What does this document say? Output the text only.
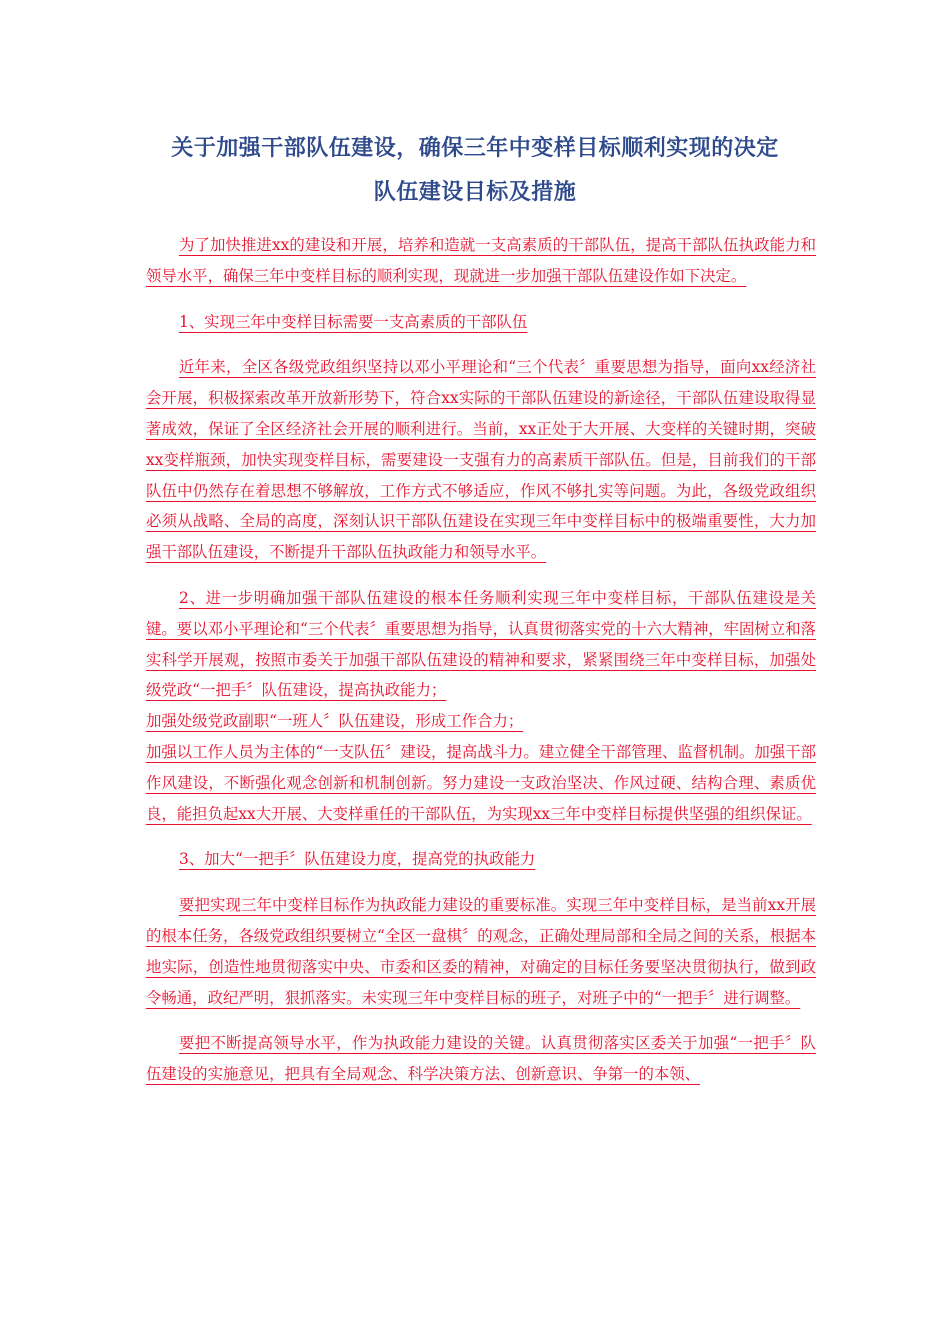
关于加强干部队伍建设，确保三年中变样目标顺利实现的决定
队伍建设目标及措施

为了加快推进xx的建设和开展，培养和造就一支高素质的干部队伍，提高干部队伍执政能力和领导水平，确保三年中变样目标的顺利实现，现就进一步加强干部队伍建设作如下决定。

1、实现三年中变样目标需要一支高素质的干部队伍

近年来，全区各级党政组织坚持以邓小平理论和“三个代表〞重要思想为指导，面向xx经济社会开展，积极探索改革开放新形势下，符合xx实际的干部队伍建设的新途径，干部队伍建设取得显著成效，保证了全区经济社会开展的顺利进行。当前，xx正处于大开展、大变样的关键时期，突破xx变样瓶颈，加快实现变样目标，需要建设一支强有力的高素质干部队伍。但是，目前我们的干部队伍中仍然存在着思想不够解放，工作方式不够适应，作风不够扎实等问题。为此，各级党政组织必须从战略、全局的高度，深刻认识干部队伍建设在实现三年中变样目标中的极端重要性，大力加强干部队伍建设，不断提升干部队伍执政能力和领导水平。

2、进一步明确加强干部队伍建设的根本任务顺利实现三年中变样目标，干部队伍建设是关键。要以邓小平理论和“三个代表〞重要思想为指导，认真贯彻落实党的十六大精神，牢固树立和落实科学开展观，按照市委关于加强干部队伍建设的精神和要求，紧紧围绕三年中变样目标，加强处级党政“一把手〞队伍建设，提高执政能力；

加强处级党政副职“一班人〞队伍建设，形成工作合力；

加强以工作人员为主体的“一支队伍〞建设，提高战斗力。建立健全干部管理、监督机制。加强干部作风建设，不断强化观念创新和机制创新。努力建设一支政治坚决、作风过硬、结构合理、素质优良，能担负起xx大开展、大变样重任的干部队伍，为实现xx三年中变样目标提供坚强的组织保证。

3、加大“一把手〞队伍建设力度，提高党的执政能力

要把实现三年中变样目标作为执政能力建设的重要标准。实现三年中变样目标，是当前xx开展的根本任务，各级党政组织要树立“全区一盘棋〞的观念，正确处理局部和全局之间的关系，根据本地实际，创造性地贯彻落实中央、市委和区委的精神，对确定的目标任务要坚决贯彻执行，做到政令畅通，政纪严明，狠抓落实。未实现三年中变样目标的班子，对班子中的“一把手〞进行调整。

要把不断提高领导水平，作为执政能力建设的关键。认真贯彻落实区委关于加强“一把手〞队伍建设的实施意见，把具有全局观念、科学决策方法、创新意识、争第一的本领、
